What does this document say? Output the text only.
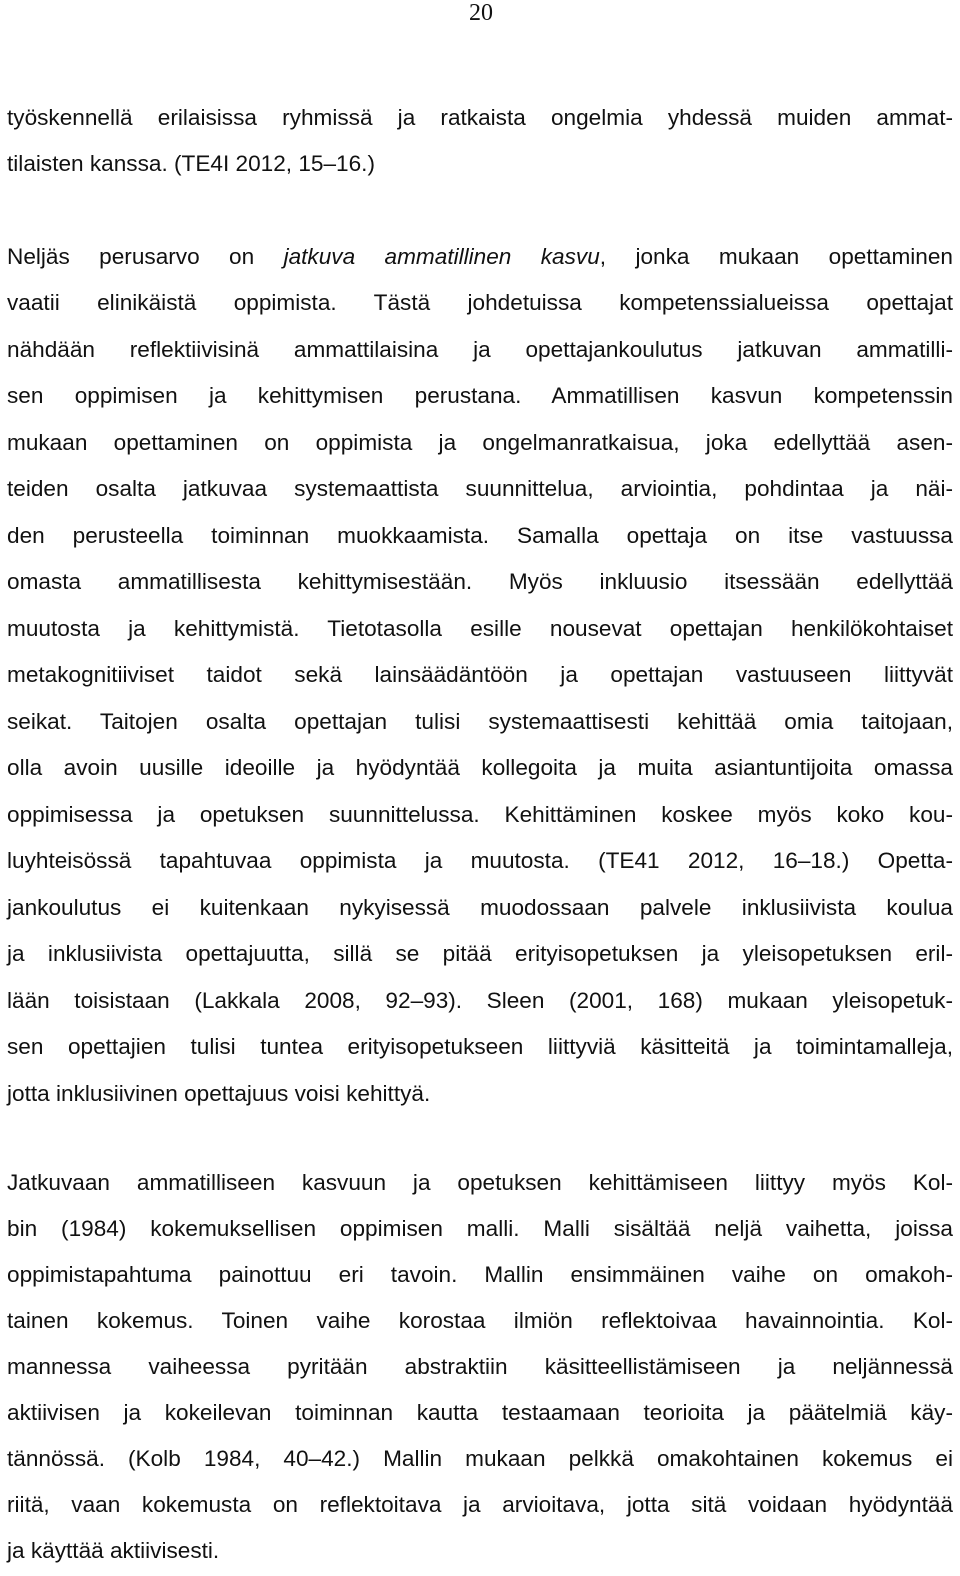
20
työskennellä erilaisissa ryhmissä ja ratkaista ongelmia yhdessä muiden ammat-
tilaisten kanssa. (TE4I 2012, 15–16.)
Neljäs perusarvo on jatkuva ammatillinen kasvu, jonka mukaan opettaminen
vaatii elinikäistä oppimista. Tästä johdetuissa kompetenssialueissa opettajat
nähdään reflektiivisinä ammattilaisina ja opettajankoulutus jatkuvan ammatilli-
sen oppimisen ja kehittymisen perustana. Ammatillisen kasvun kompetenssin
mukaan opettaminen on oppimista ja ongelmanratkaisua, joka edellyttää asen-
teiden osalta jatkuvaa systemaattista suunnittelua, arviointia, pohdintaa ja näi-
den perusteella toiminnan muokkaamista. Samalla opettaja on itse vastuussa
omasta ammatillisesta kehittymisestään. Myös inkluusio itsessään edellyttää
muutosta ja kehittymistä. Tietotasolla esille nousevat opettajan henkilökohtaiset
metakognitiiviset taidot sekä lainsäädäntöön ja opettajan vastuuseen liittyvät
seikat. Taitojen osalta opettajan tulisi systemaattisesti kehittää omia taitojaan,
olla avoin uusille ideoille ja hyödyntää kollegoita ja muita asiantuntijoita omassa
oppimisessa ja opetuksen suunnittelussa. Kehittäminen koskee myös koko kou-
luyhteisössä tapahtuvaa oppimista ja muutosta. (TE41 2012, 16–18.) Opetta-
jankoulutus ei kuitenkaan nykyisessä muodossaan palvele inklusiivista koulua
ja inklusiivista opettajuutta, sillä se pitää erityisopetuksen ja yleisopetuksen eril-
lään toisistaan (Lakkala 2008, 92–93). Sleen (2001, 168) mukaan yleisopetuk-
sen opettajien tulisi tuntea erityisopetukseen liittyviä käsitteitä ja toimintamalleja,
jotta inklusiivinen opettajuus voisi kehittyä.
Jatkuvaan ammatilliseen kasvuun ja opetuksen kehittämiseen liittyy myös Kol-
bin (1984) kokemuksellisen oppimisen malli. Malli sisältää neljä vaihetta, joissa
oppimistapahtuma painottuu eri tavoin. Mallin ensimmäinen vaihe on omakoh-
tainen kokemus. Toinen vaihe korostaa ilmiön reflektoivaa havainnointia. Kol-
mannessa vaiheessa pyritään abstraktiin käsitteellistämiseen ja neljännessä
aktiivisen ja kokeilevan toiminnan kautta testaamaan teorioita ja päätelmiä käy-
tännössä. (Kolb 1984, 40–42.) Mallin mukaan pelkkä omakohtainen kokemus ei
riitä, vaan kokemusta on reflektoitava ja arvioitava, jotta sitä voidaan hyödyntää
ja käyttää aktiivisesti.
